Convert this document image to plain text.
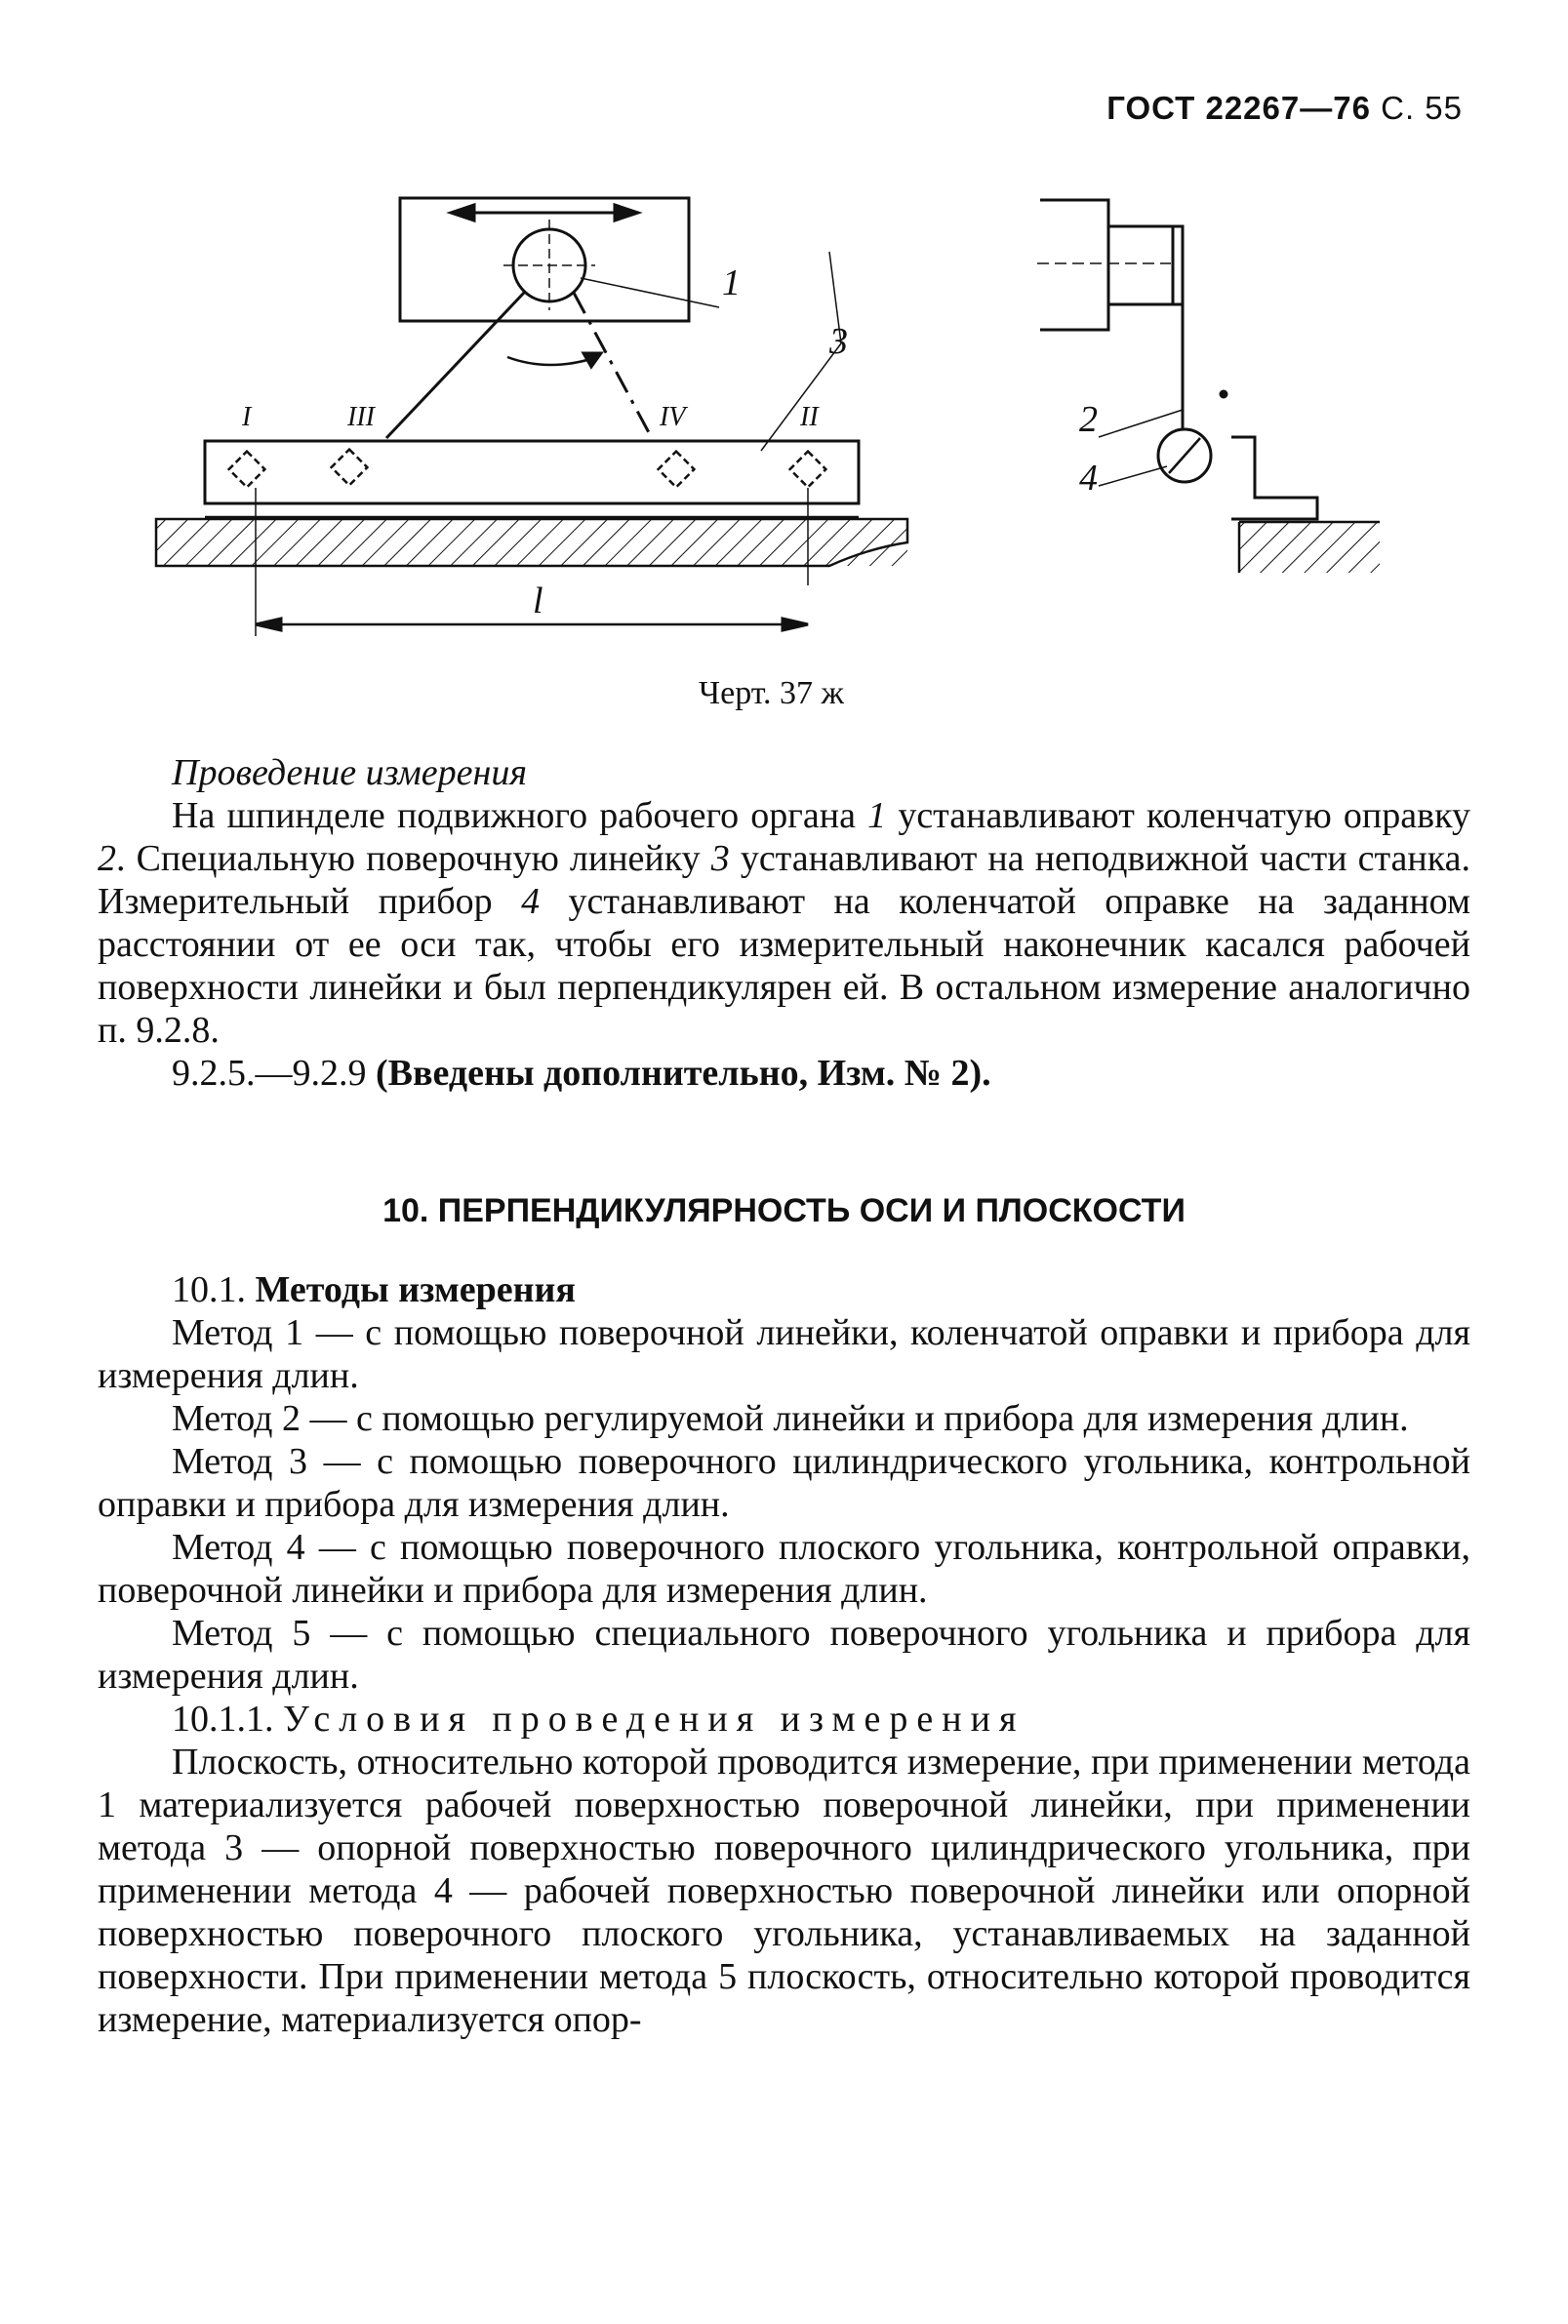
ГОСТ 22267—76 С. 55
1
3
I	III	IV	II
l
2
4
Черт. 37 ж

Проведение измерения

На шпинделе подвижного рабочего органа 1 устанавливают коленчатую оправку 2. Специальную поверочную линейку 3 устанавливают на неподвижной части станка. Измерительный прибор 4 устанавливают на коленчатой оправке на заданном расстоянии от ее оси так, чтобы его измерительный наконечник касался рабочей поверхности линейки и был перпендикулярен ей. В остальном измерение аналогично п. 9.2.8.

9.2.5.—9.2.9 (Введены дополнительно, Изм. № 2).

10. ПЕРПЕНДИКУЛЯРНОСТЬ ОСИ И ПЛОСКОСТИ

10.1. Методы измерения

Метод 1 — с помощью поверочной линейки, коленчатой оправки и прибора для измерения длин.

Метод 2 — с помощью регулируемой линейки и прибора для измерения длин.

Метод 3 — с помощью поверочного цилиндрического угольника, контрольной оправки и прибора для измерения длин.

Метод 4 — с помощью поверочного плоского угольника, контрольной оправки, поверочной линейки и прибора для измерения длин.

Метод 5 — с помощью специального поверочного угольника и прибора для измерения длин.

10.1.1. Условия проведения измерения

Плоскость, относительно которой проводится измерение, при применении метода 1 материализуется рабочей поверхностью поверочной линейки, при применении метода 3 — опорной поверхностью поверочного цилиндрического угольника, при применении метода 4 — рабочей поверхностью поверочной линейки или опорной поверхностью поверочного плоского угольника, устанавливаемых на заданной поверхности. При применении метода 5 плоскость, относительно которой проводится измерение, материализуется опор-
